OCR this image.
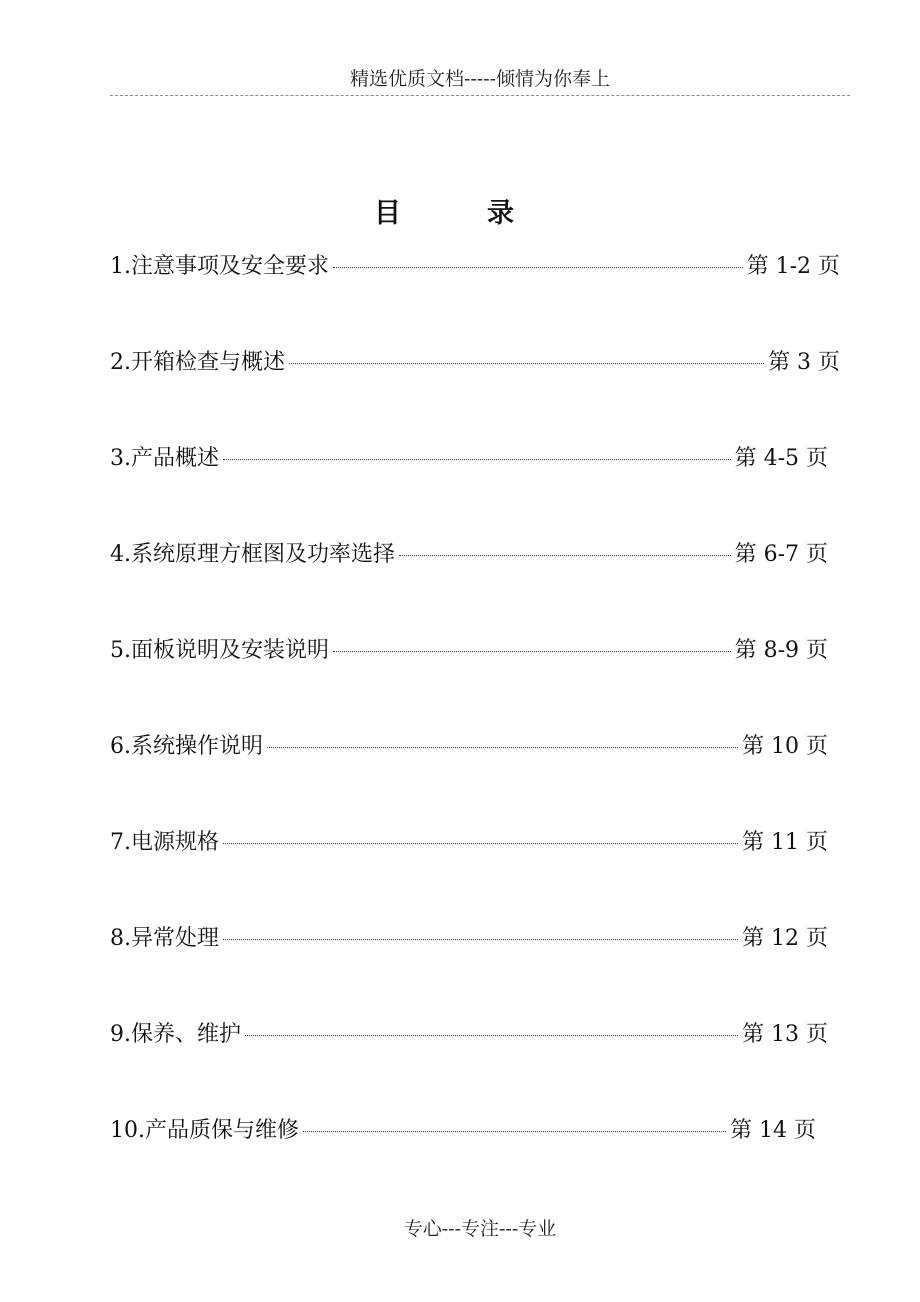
精选优质文档-----倾情为你奉上
目录
1.注意事项及安全要求	第 1-2 页
2.开箱检查与概述	第 3 页
3.产品概述	第 4-5 页
4.系统原理方框图及功率选择	第 6-7 页
5.面板说明及安装说明	第 8-9 页
6.系统操作说明	第 10 页
7.电源规格	第 11 页
8.异常处理	第 12 页
9.保养、维护	第 13 页
10.产品质保与维修	第 14 页
专心---专注---专业
